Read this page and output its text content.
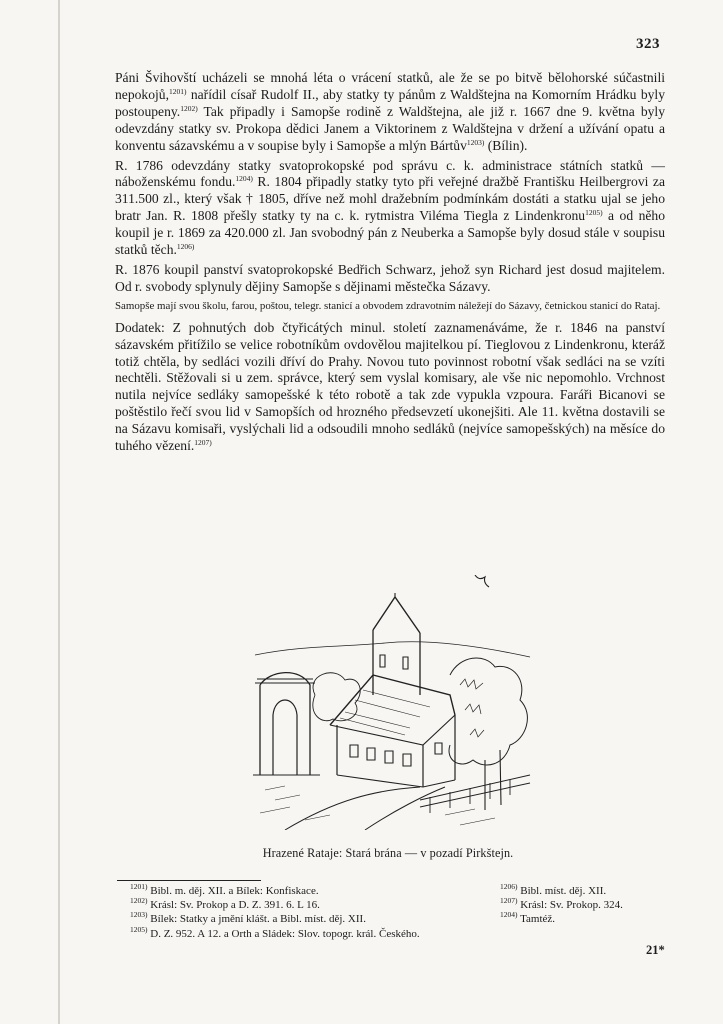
323

Páni Švihovští ucházeli se mnohá léta o vrácení statků, ale že se po bitvě bělohorské súčastnili nepokojů,$^{1201)}$ nařídil císař Rudolf II., aby statky ty pánům z Waldštejna na Komorním Hrádku byly postoupeny.$^{1202)}$ Tak připadly i Samopše rodině z Waldštejna, ale již r. 1667 dne 9. května byly odevzdány statky sv. Prokopa dědici Janem a Viktorinem z Waldštejna v držení a užívání opatu a konventu sázavskému a v soupise byly i Samopše a mlýn Bártův$^{1203)}$ (Bílin).

R. 1786 odevzdány statky svatoprokopské pod správu c. k. administrace státních statků — náboženskému fondu.$^{1204)}$ R. 1804 připadly statky tyto při veřejné dražbě Františku Heilbergrovi za 311.500 zl., který však † 1805, dříve než mohl dražebním podmínkám dostáti a statku ujal se jeho bratr Jan. R. 1808 přešly statky ty na c. k. rytmistra Viléma Tiegla z Lindenkronu$^{1205)}$ a od něho koupil je r. 1869 za 420.000 zl. Jan svobodný pán z Neuberka a Samopše byly dosud stále v soupisu statků těch.$^{1206)}$

R. 1876 koupil panství svatoprokopské Bedřich Schwarz, jehož syn Richard jest dosud majitelem. Od r. svobody splynuly dějiny Samopše s dějinami městečka Sázavy.

Samopše mají svou školu, farou, poštou, telegr. stanicí a obvodem zdravotním náležejí do Sázavy, četnickou stanicí do Rataj.

Dodatek: Z pohnutých dob čtyřicátých minul. století zaznamenáváme, že r. 1846 na panství sázavském přitížilo se velice robotníkům ovdovělou majitelkou pí. Tieglovou z Lindenkronu, kteráž totiž chtěla, by sedláci vozili dříví do Prahy. Novou tuto povinnost robotní však sedláci na se vzíti nechtěli. Stěžovali si u zem. správce, který sem vyslal komisary, ale vše nic nepomohlo. Vrchnost nutila nejvíce sedláky samopešské k této robotě a tak zde vypukla vzpoura. Faráři Bicanovi se poštěstilo řečí svou lid v Samopších od hrozného předsevzetí ukonejšiti. Ale 11. května dostavili se na Sázavu komisaři, vyslýchali lid a odsoudili mnoho sedláků (nejvíce samopešských) na měsíce do tuhého vězení.$^{1207)}$

Hrazené Rataje: Stará brána — v pozadí Pirkštejn.
$^{1201)}$ Bibl. m. děj. XII. a Bílek: Konfiskace.
$^{1202)}$ Krásl: Sv. Prokop a D. Z. 391. 6. L 16.
$^{1203)}$ Bílek: Statky a jmění klášt. a Bibl. míst. děj. XII.
$^{1205)}$ D. Z. 952. A 12. a Orth a Sládek: Slov. topogr. král. Českého.
$^{1206)}$ Bibl. míst. děj. XII.
$^{1207)}$ Krásl: Sv. Prokop. 324.
$^{1204)}$ Tamtéž.
21*
